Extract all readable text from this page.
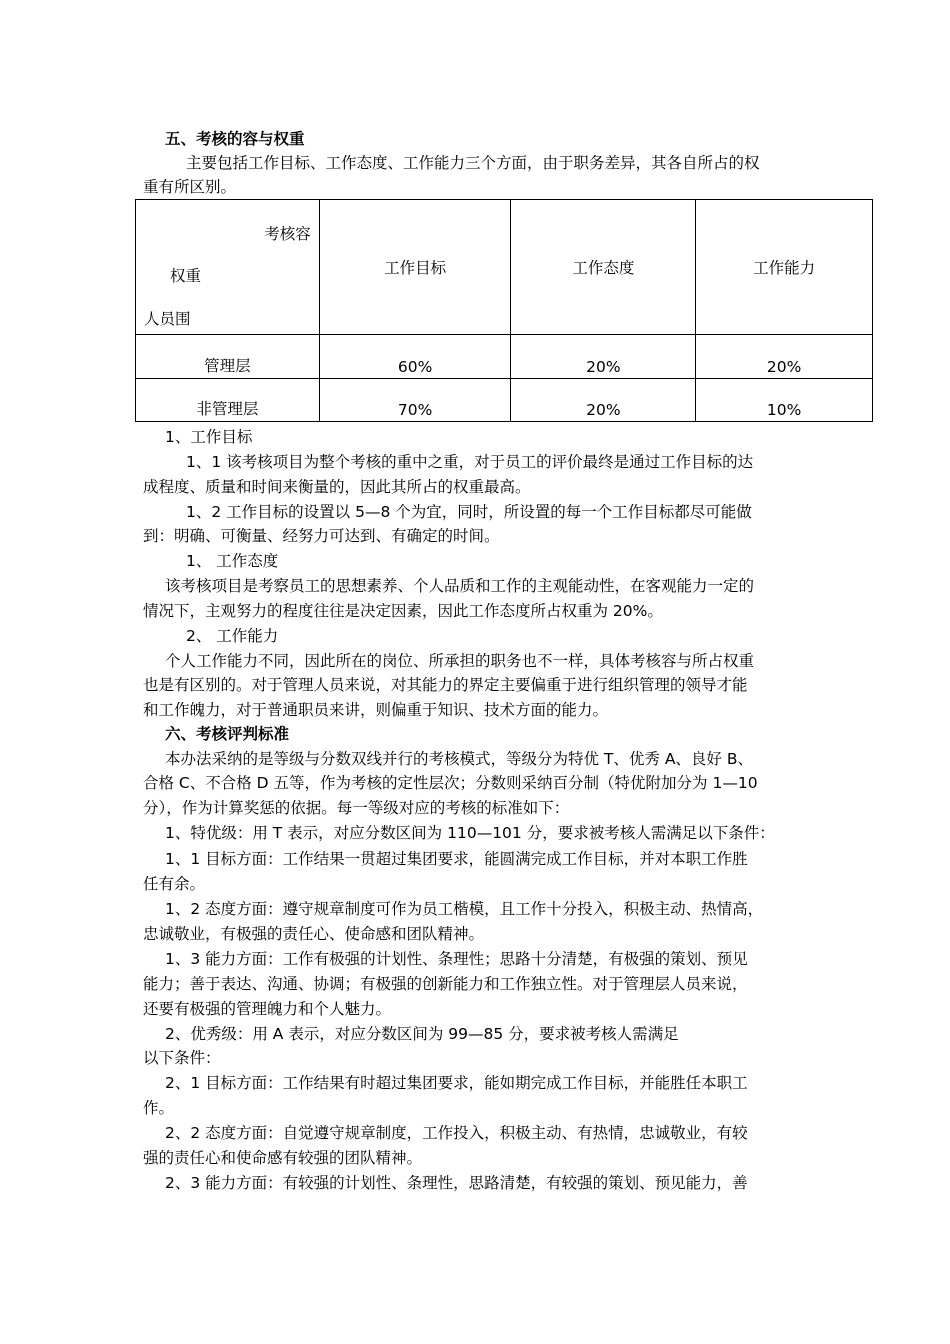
五、考核的容与权重
主要包括工作目标、工作态度、工作能力三个方面，由于职务差异，其各自所占的权
重有所区别。
考核容
权重
人员围	工作目标	工作态度	工作能力
管理层	60%	20%	20%
非管理层	70%	20%	10%
1、工作目标
1、1 该考核项目为整个考核的重中之重，对于员工的评价最终是通过工作目标的达
成程度、质量和时间来衡量的，因此其所占的权重最高。
1、2 工作目标的设置以 5—8 个为宜，同时，所设置的每一个工作目标都尽可能做
到：明确、可衡量、经努力可达到、有确定的时间。
1、 工作态度
该考核项目是考察员工的思想素养、个人品质和工作的主观能动性，在客观能力一定的
情况下，主观努力的程度往往是决定因素，因此工作态度所占权重为 20%。
2、 工作能力
个人工作能力不同，因此所在的岗位、所承担的职务也不一样，具体考核容与所占权重
也是有区别的。对于管理人员来说，对其能力的界定主要偏重于进行组织管理的领导才能
和工作魄力，对于普通职员来讲，则偏重于知识、技术方面的能力。
六、考核评判标准
本办法采纳的是等级与分数双线并行的考核模式，等级分为特优 T、优秀 A、良好 B、
合格 C、不合格 D 五等，作为考核的定性层次；分数则采纳百分制（特优附加分为 1—10
分），作为计算奖惩的依据。每一等级对应的考核的标准如下：
1、特优级：用 T 表示，对应分数区间为 110—101 分，要求被考核人需满足以下条件：
1、1 目标方面：工作结果一贯超过集团要求，能圆满完成工作目标，并对本职工作胜
任有余。
1、2 态度方面：遵守规章制度可作为员工楷模，且工作十分投入，积极主动、热情高，
忠诚敬业，有极强的责任心、使命感和团队精神。
1、3 能力方面：工作有极强的计划性、条理性；思路十分清楚，有极强的策划、预见
能力；善于表达、沟通、协调；有极强的创新能力和工作独立性。对于管理层人员来说，
还要有极强的管理魄力和个人魅力。
2、优秀级：用 A 表示，对应分数区间为 99—85 分，要求被考核人需满足
以下条件：
2、1 目标方面：工作结果有时超过集团要求，能如期完成工作目标，并能胜任本职工
作。
2、2 态度方面：自觉遵守规章制度，工作投入，积极主动、有热情，忠诚敬业，有较
强的责任心和使命感有较强的团队精神。
2、3 能力方面：有较强的计划性、条理性，思路清楚，有较强的策划、预见能力，善
